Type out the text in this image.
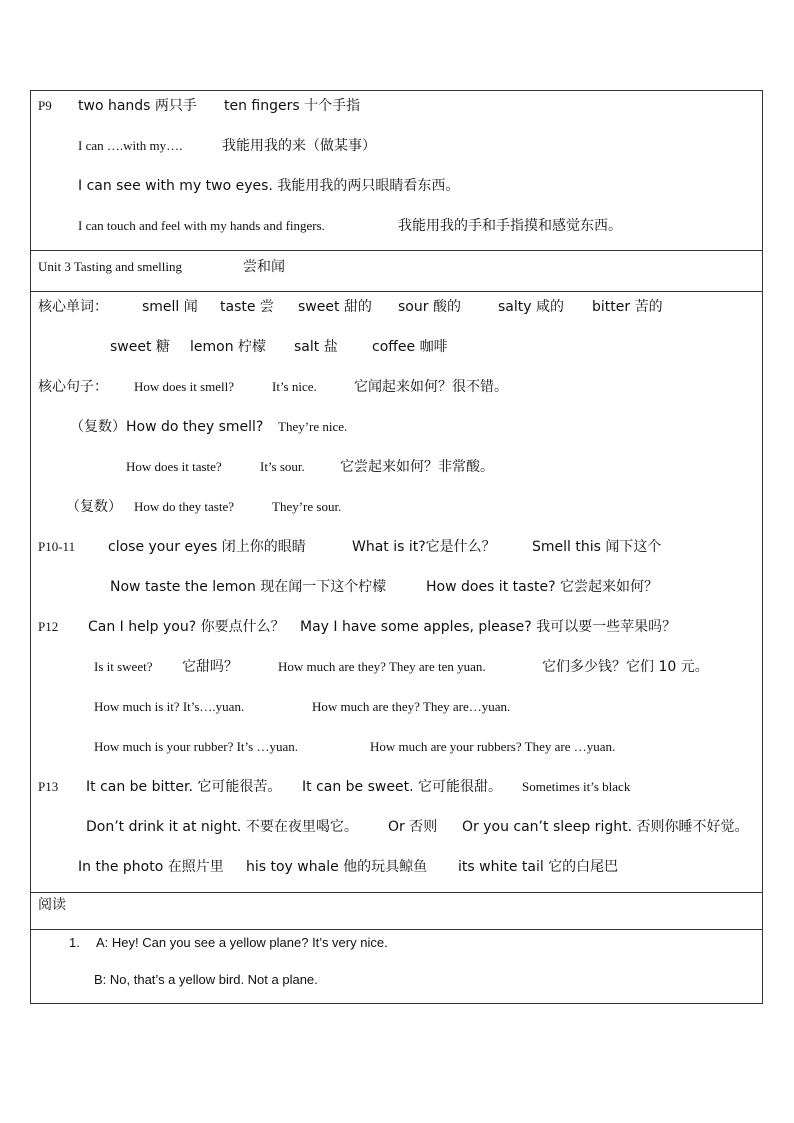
P9 two hands 两只手 ten fingers 十个手指
I can ….with my….	我能用我的来（做某事）
I can see with my two eyes. 我能用我的两只眼睛看东西。
I can touch and feel with my hands and fingers.	我能用我的手和手指摸和感觉东西。
Unit 3 Tasting and smelling	尝和闻
核心单词： smell 闻 taste 尝 sweet 甜的 sour 酸的	salty 咸的 bitter 苦的
sweet 糖 lemon 柠檬 salt 盐 coffee 咖啡
核心句子： How does it smell?	It’s nice.	它闻起来如何？很不错。
（复数）How do they smell? They’re nice.
How does it taste?	It’s sour.	它尝起来如何？非常酸。
（复数） How do they taste?	They’re sour.
P10-11 close your eyes 闭上你的眼睛	What is it?它是什么？	Smell this 闻下这个
Now taste the lemon 现在闻一下这个柠檬	How does it taste? 它尝起来如何？
P12 Can I help you? 你要点什么？ May I have some apples, please? 我可以要一些苹果吗？
Is it sweet? 它甜吗？	How much are they? They are ten yuan.	它们多少钱？它们 10 元。
How much is it? It’s….yuan.	How much are they? They are…yuan.
How much is your rubber? It’s …yuan.	How much are your rubbers? They are …yuan.
P13 It can be bitter. 它可能很苦。 It can be sweet. 它可能很甜。 Sometimes it’s black
Don’t drink it at night. 不要在夜里喝它。 Or 否则 Or you can’t sleep right. 否则你睡不好觉。
In the photo 在照片里 his toy whale 他的玩具鲸鱼 its white tail 它的白尾巴
阅读
1. A: Hey! Can you see a yellow plane? It’s very nice.
B: No, that’s a yellow bird. Not a plane.
